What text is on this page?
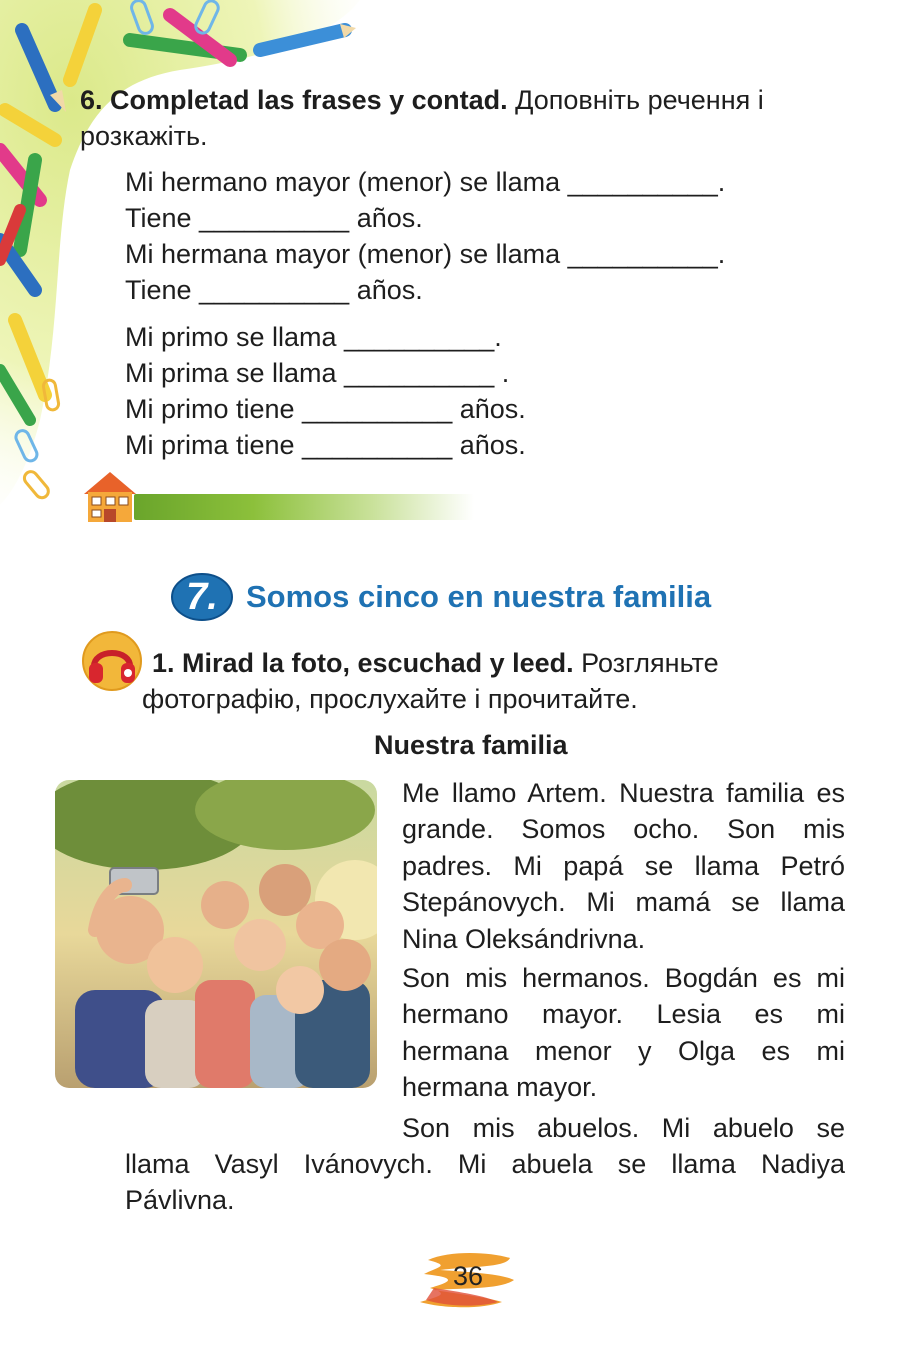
6. Completad las frases y contad. Доповніть речення і розкажіть.
Mi hermano mayor (menor) se llama __________.
Tiene __________ años.
Mi hermana mayor (menor) se llama __________.
Tiene __________ años.
Mi primo se llama __________.
Mi prima se llama __________ .
Mi primo tiene __________ años.
Mi prima tiene __________ años.
7. Somos cinco en nuestra familia
1. Mirad la foto, escuchad y leed. Розгляньте
фотографію, прослухайте і прочитайте.
Nuestra familia
Me llamo Artem. Nuestra familia es grande. Somos ocho. Son mis padres. Mi papá se llama Petró Stepánovych. Mi mamá se llama Nina Oleksándrivna.
Son mis hermanos. Bogdán es mi hermano mayor. Lesia es mi hermana menor y Olga es mi hermana mayor.
Son mis abuelos. Mi abuelo se
llama Vasyl Ivánovych. Mi abuela se llama Nadiya
Pávlivna.
36
